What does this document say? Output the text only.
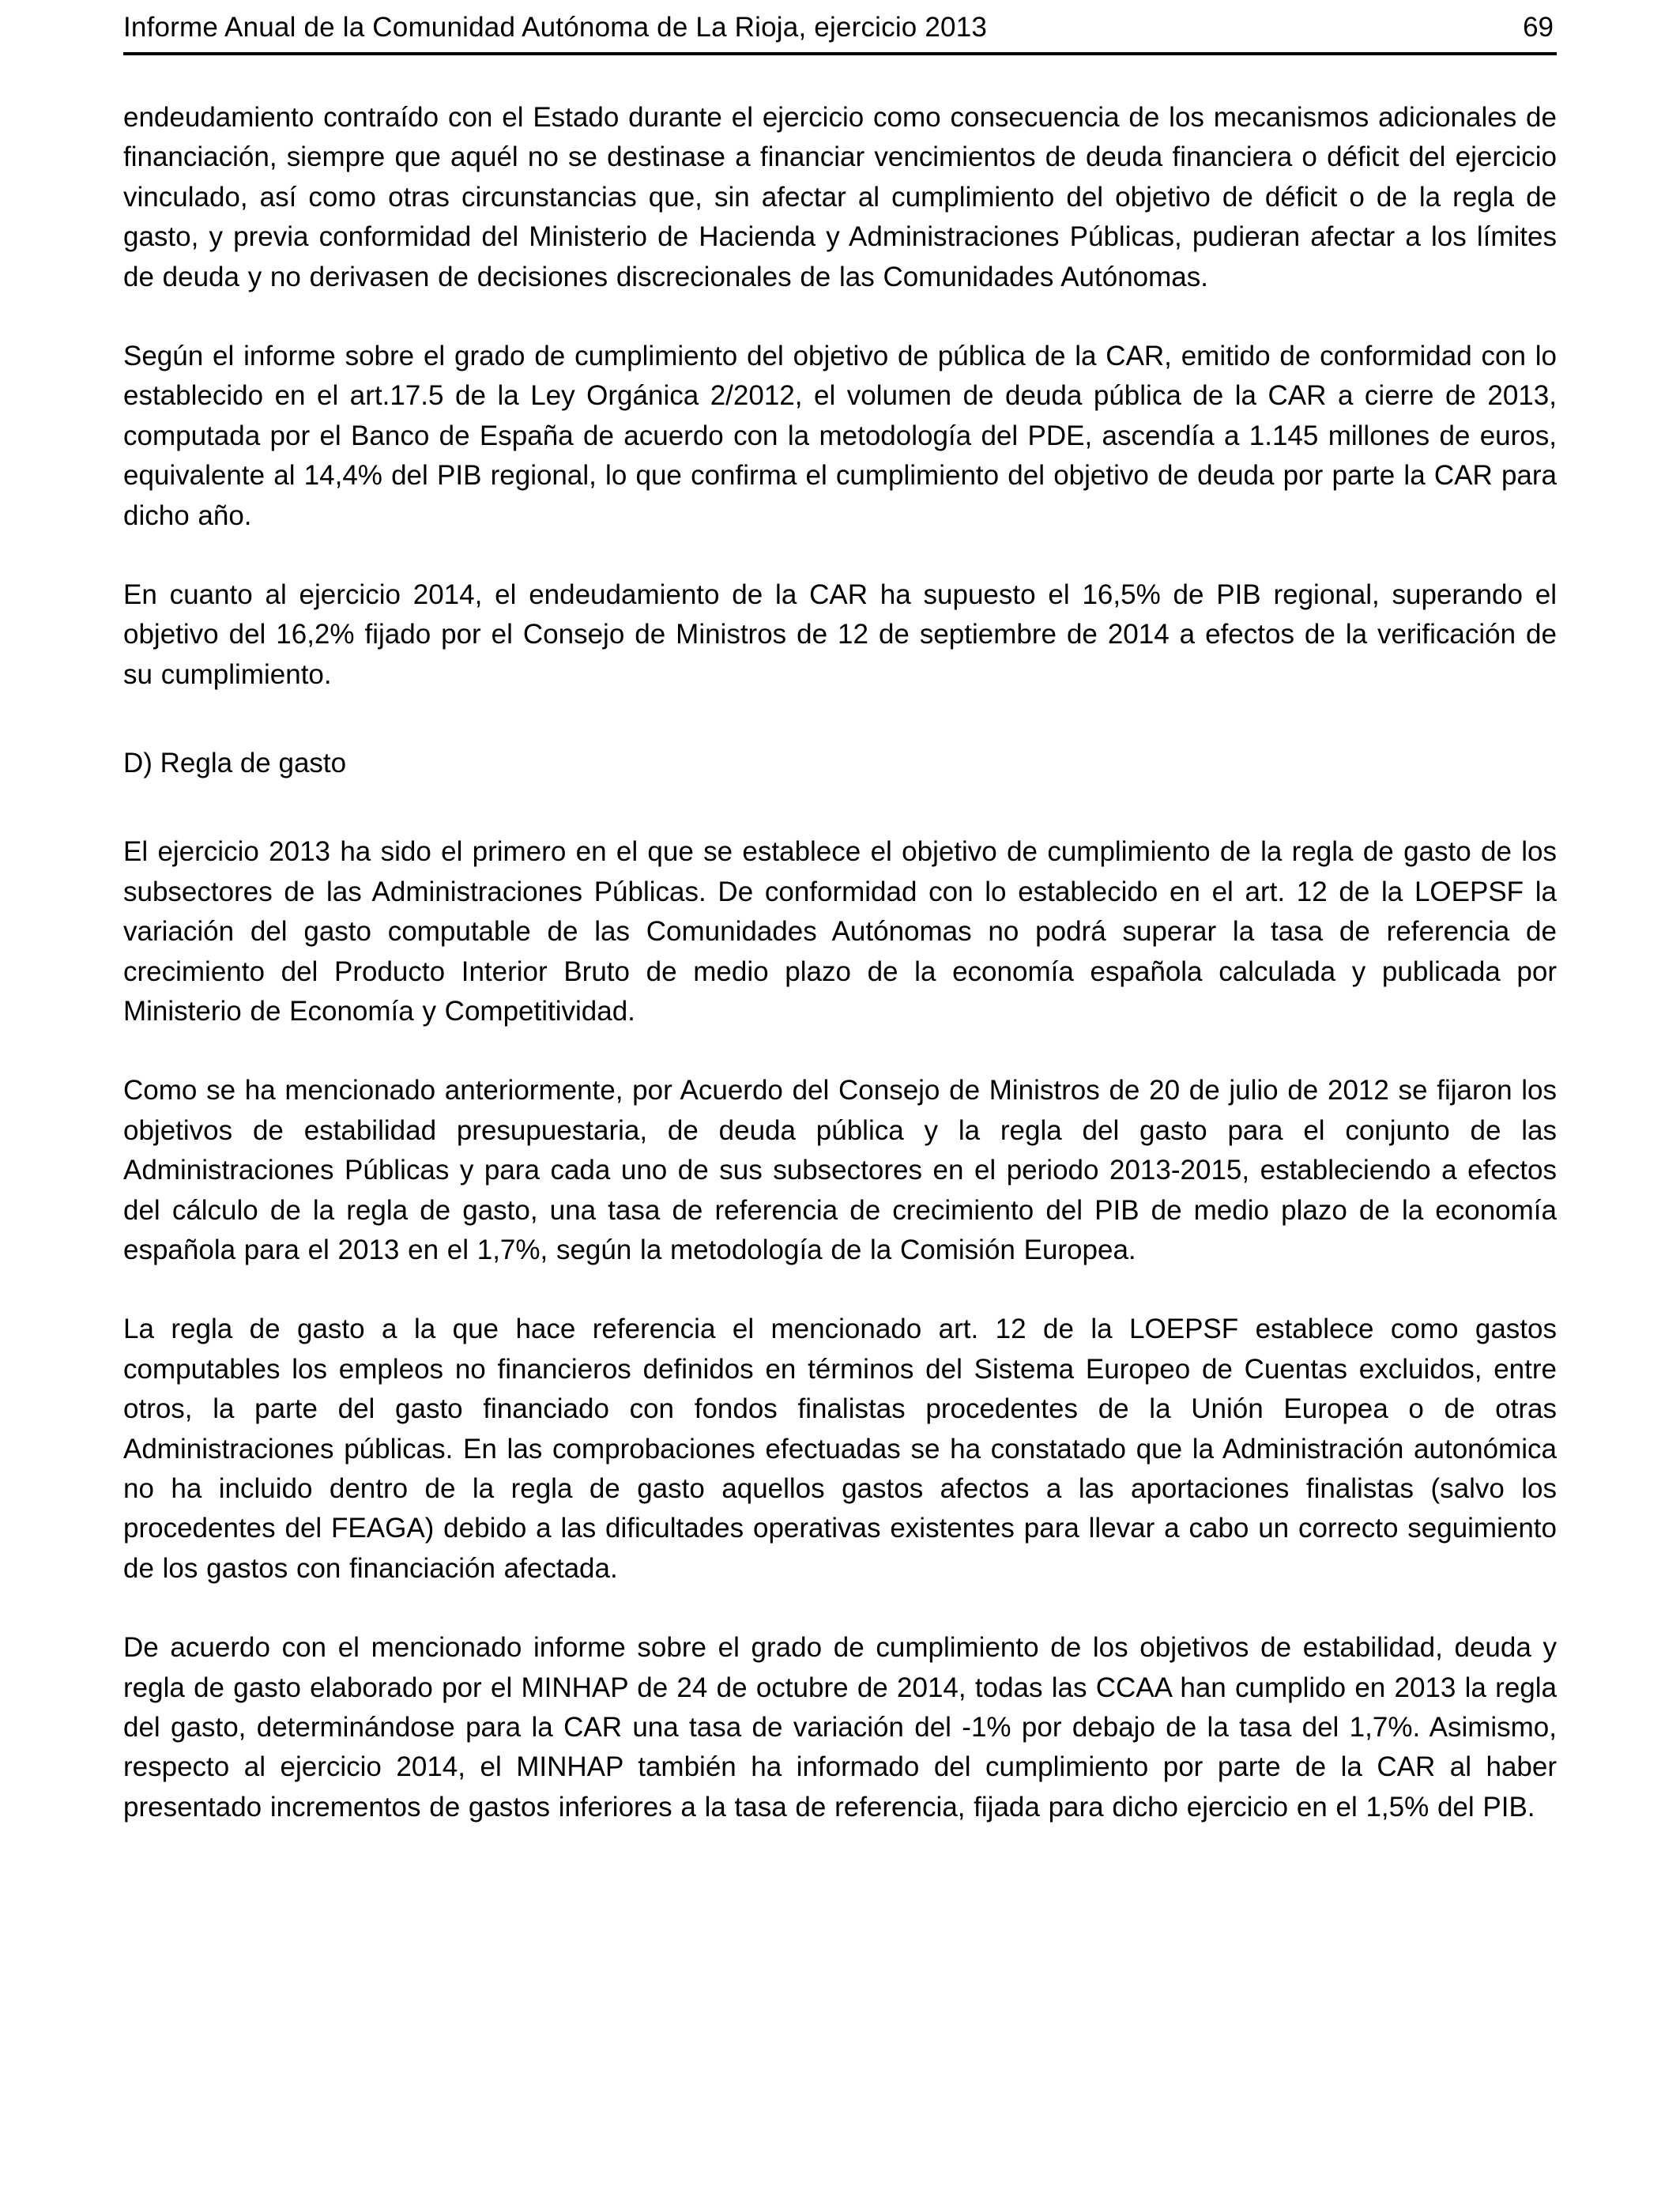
Informe Anual de la Comunidad Autónoma de La Rioja, ejercicio 2013	69

endeudamiento contraído con el Estado durante el ejercicio como consecuencia de los mecanismos adicionales de financiación, siempre que aquél no se destinase a financiar vencimientos de deuda financiera o déficit del ejercicio vinculado, así como otras circunstancias que, sin afectar al cumplimiento del objetivo de déficit o de la regla de gasto, y previa conformidad del Ministerio de Hacienda y Administraciones Públicas, pudieran afectar a los límites de deuda y no derivasen de decisiones discrecionales de las Comunidades Autónomas.

Según el informe sobre el grado de cumplimiento del objetivo de pública de la CAR, emitido de conformidad con lo establecido en el art.17.5 de la Ley Orgánica 2/2012, el volumen de deuda pública de la CAR a cierre de 2013, computada por el Banco de España de acuerdo con la metodología del PDE, ascendía a 1.145 millones de euros, equivalente al 14,4% del PIB regional, lo que confirma el cumplimiento del objetivo de deuda por parte la CAR para dicho año.

En cuanto al ejercicio 2014, el endeudamiento de la CAR ha supuesto el 16,5% de PIB regional, superando el objetivo del 16,2% fijado por el Consejo de Ministros de 12 de septiembre de 2014 a efectos de la verificación de su cumplimiento.

D) Regla de gasto

El ejercicio 2013 ha sido el primero en el que se establece el objetivo de cumplimiento de la regla de gasto de los subsectores de las Administraciones Públicas. De conformidad con lo establecido en el art. 12 de la LOEPSF la variación del gasto computable de las Comunidades Autónomas no podrá superar la tasa de referencia de crecimiento del Producto Interior Bruto de medio plazo de la economía española calculada y publicada por Ministerio de Economía y Competitividad.

Como se ha mencionado anteriormente, por Acuerdo del Consejo de Ministros de 20 de julio de 2012 se fijaron los objetivos de estabilidad presupuestaria, de deuda pública y la regla del gasto para el conjunto de las Administraciones Públicas y para cada uno de sus subsectores en el periodo 2013-2015, estableciendo a efectos del cálculo de la regla de gasto, una tasa de referencia de crecimiento del PIB de medio plazo de la economía española para el 2013 en el 1,7%, según la metodología de la Comisión Europea.

La regla de gasto a la que hace referencia el mencionado art. 12 de la LOEPSF establece como gastos computables los empleos no financieros definidos en términos del Sistema Europeo de Cuentas excluidos, entre otros, la parte del gasto financiado con fondos finalistas procedentes de la Unión Europea o de otras Administraciones públicas. En las comprobaciones efectuadas se ha constatado que la Administración autonómica no ha incluido dentro de la regla de gasto aquellos gastos afectos a las aportaciones finalistas (salvo los procedentes del FEAGA) debido a las dificultades operativas existentes para llevar a cabo un correcto seguimiento de los gastos con financiación afectada.

De acuerdo con el mencionado informe sobre el grado de cumplimiento de los objetivos de estabilidad, deuda y regla de gasto elaborado por el MINHAP de 24 de octubre de 2014, todas las CCAA han cumplido en 2013 la regla del gasto, determinándose para la CAR una tasa de variación del -1% por debajo de la tasa del 1,7%. Asimismo, respecto al ejercicio 2014, el MINHAP también ha informado del cumplimiento por parte de la CAR al haber presentado incrementos de gastos inferiores a la tasa de referencia, fijada para dicho ejercicio en el 1,5% del PIB.
